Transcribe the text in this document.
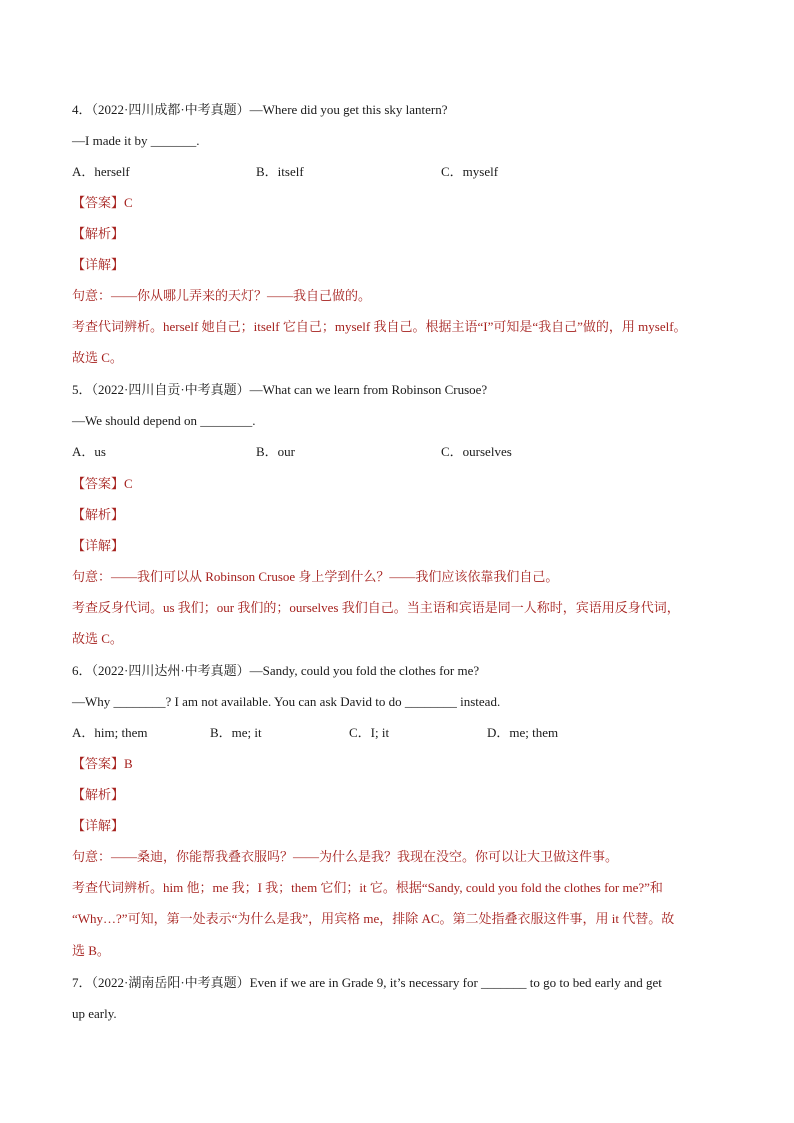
4．（2022·四川成都·中考真题）—Where did you get this sky lantern?
—I made it by _______.
A．herself	B．itself	C．myself
【答案】C
【解析】
【详解】
句意：——你从哪儿弄来的天灯？——我自己做的。
考查代词辨析。herself 她自己；itself 它自己；myself 我自己。根据主语“I”可知是“我自己”做的，用 myself。
故选 C。
5．（2022·四川自贡·中考真题）—What can we learn from Robinson Crusoe?
—We should depend on ________.
A．us	B．our	C．ourselves
【答案】C
【解析】
【详解】
句意：——我们可以从 Robinson Crusoe 身上学到什么？——我们应该依靠我们自己。
考查反身代词。us 我们；our 我们的；ourselves 我们自己。当主语和宾语是同一人称时，宾语用反身代词，
故选 C。
6．（2022·四川达州·中考真题）—Sandy, could you fold the clothes for me?
—Why ________? I am not available. You can ask David to do ________ instead.
A．him; them	B．me; it	C．I; it	D．me; them
【答案】B
【解析】
【详解】
句意：——桑迪，你能帮我叠衣服吗？——为什么是我？我现在没空。你可以让大卫做这件事。
考查代词辨析。him 他；me 我；I 我；them 它们；it 它。根据“Sandy, could you fold the clothes for me?”和
“Why…?”可知，第一处表示“为什么是我”，用宾格 me，排除 AC。第二处指叠衣服这件事，用 it 代替。故
选 B。
7．（2022·湖南岳阳·中考真题）Even if we are in Grade 9, it’s necessary for _______ to go to bed early and get
up early.
